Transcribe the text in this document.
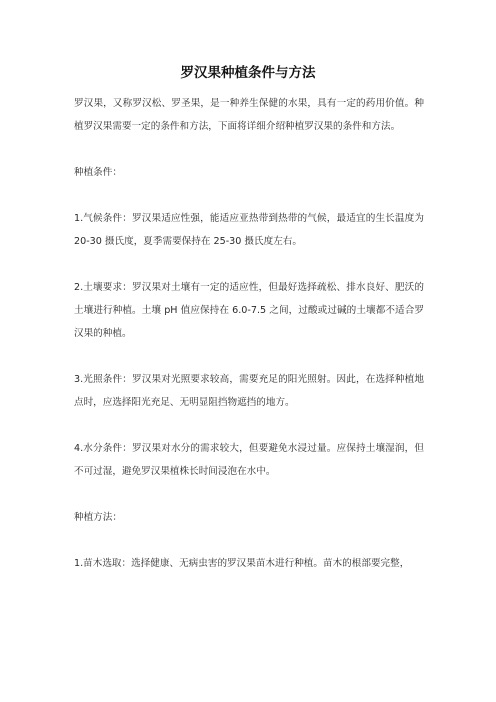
罗汉果种植条件与方法

罗汉果，又称罗汉松、罗圣果，是一种养生保健的水果，具有一定的药用价值。种植罗汉果需要一定的条件和方法，下面将详细介绍种植罗汉果的条件和方法。

种植条件：

1.气候条件：罗汉果适应性强，能适应亚热带到热带的气候，最适宜的生长温度为 20-30 摄氏度，夏季需要保持在 25-30 摄氏度左右。

2.土壤要求：罗汉果对土壤有一定的适应性，但最好选择疏松、排水良好、肥沃的土壤进行种植。土壤 pH 值应保持在 6.0-7.5 之间，过酸或过碱的土壤都不适合罗汉果的种植。

3.光照条件：罗汉果对光照要求较高，需要充足的阳光照射。因此，在选择种植地点时，应选择阳光充足、无明显阻挡物遮挡的地方。

4.水分条件：罗汉果对水分的需求较大，但要避免水浸过量。应保持土壤湿润，但不可过湿，避免罗汉果植株长时间浸泡在水中。

种植方法：

1.苗木选取：选择健康、无病虫害的罗汉果苗木进行种植。苗木的根部要完整，
